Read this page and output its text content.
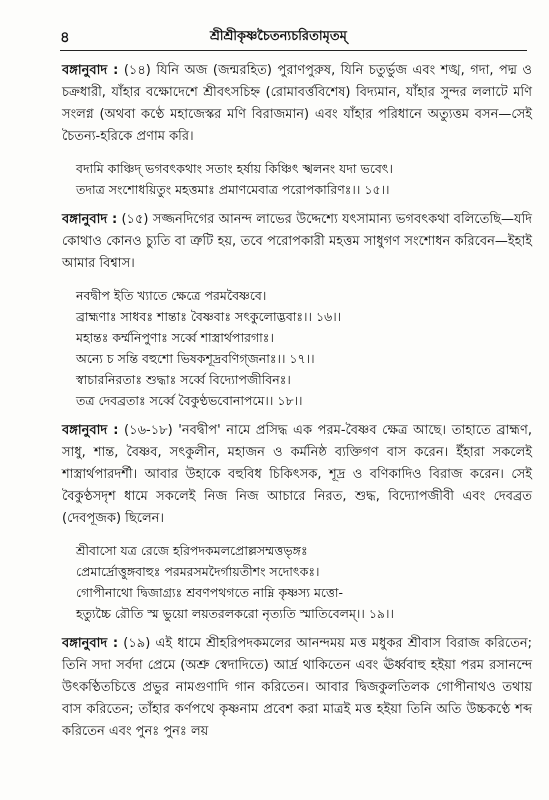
৪	শ্রীশ্রীকৃষ্ণচৈতন্যচরিতামৃতম্

বঙ্গানুবাদ : (১৪) যিনি অজ (জন্মরহিত) পুরাণপুরুষ, যিনি চতুর্ভুজ এবং শঙ্খ, গদা, পদ্ম ও চক্রধারী, যাঁহার বক্ষোদেশে শ্রীবৎসচিহ্ন (রোমাবর্ত্তবিশেষ) বিদ্যমান, যাঁহার সুন্দর ললাটে মণি সংলগ্ন (অথবা কণ্ঠে মহাজেস্কর মণি বিরাজমান) এবং যাঁহার পরিধানে অত্যুত্তম বসন—সেই চৈতন্য-হরিকে প্রণাম করি।

বদামি কাঞ্চিদ্ ভগবৎকথাং সতাং হর্ষায় কিঞ্চিৎ স্খলনং যদা ভবেৎ।
তদাত্র সংশোধয়িতুং মহত্তমাঃ প্রমাণমেবাত্র পরোপকারিণঃ।। ১৫।।

বঙ্গানুবাদ : (১৫) সজ্জনদিগের আনন্দ লাভের উদ্দেশ্যে যৎসামান্য ভগবৎকথা বলিতেছি—যদি কোথাও কোনও চ্যুতি বা ত্রুটি হয়, তবে পরোপকারী মহত্তম সাধুগণ সংশোধন করিবেন—ইহাই আমার বিশ্বাস।

নবদ্বীপ ইতি খ্যাতে ক্ষেত্রে পরমবৈষ্ণবে।
ব্রাহ্মণাঃ সাধবঃ শান্তাঃ বৈষ্ণবাঃ সৎকুলোদ্ভবাঃ।। ১৬।।
মহান্তঃ কর্ম্মনিপুণাঃ সর্ব্বে শাস্ত্রার্থপারগাঃ।
অন্যে চ সন্তি বহুশো ভিষকশূদ্রবণিগ্জনাঃ।। ১৭।।
স্বাচারনিরতাঃ শুদ্ধাঃ সর্ব্বে বিদ্যোপজীবিনঃ।
তত্র দেবব্রতাঃ সর্ব্বে বৈকুণ্ঠভবোনাপমে।। ১৮।।

বঙ্গানুবাদ : (১৬-১৮) 'নবদ্বীপ' নামে প্রসিদ্ধ এক পরম-বৈষ্ণব ক্ষেত্র আছে। তাহাতে ব্রাহ্মণ, সাধু, শান্ত, বৈষ্ণব, সৎকুলীন, মহাজন ও কর্মনিষ্ঠ ব্যক্তিগণ বাস করেন। ইঁহারা সকলেই শাস্ত্রার্থপারদর্শী। আবার উহাকে বহুবিধ চিকিৎসক, শূদ্র ও বণিকাদিও বিরাজ করেন। সেই বৈকুণ্ঠসদৃশ ধামে সকলেই নিজ নিজ আচারে নিরত, শুদ্ধ, বিদ্যোপজীবী এবং দেবব্রত (দেবপূজক) ছিলেন।

শ্রীবাসো যত্র রেজে হরিপদকমলপ্রোল্লসম্মত্তভৃঙ্গঃ
প্রেমার্দ্রোত্তুঙ্গবাহুঃ পরমরসমদৈর্গায়তীশং সদোৎকঃ।
গোপীনাথো দ্বিজাগ্র্যঃ শ্রবণপথগতে নাম্নি কৃষ্ণস্য মত্তো-
হত্যুচ্চৈ রৌতি স্ম ভুয়ো লয়তরলকরো নৃত্যতি স্মাতিবেলম্।। ১৯।।

বঙ্গানুবাদ : (১৯) এই ধামে শ্রীহরিপদকমলের আনন্দময় মত্ত মধুকর শ্রীবাস বিরাজ করিতেন; তিনি সদা সর্বদা প্রেমে (অশ্রু স্বেদাদিতে) আর্দ্র থাকিতেন এবং ঊর্ধ্ববাহু হইয়া পরম রসানন্দে উৎকণ্ঠিতচিত্তে প্রভুর নামগুণাদি গান করিতেন। আবার দ্বিজকুলতিলক গোপীনাথও তথায় বাস করিতেন; তাঁহার কর্ণপথে কৃষ্ণনাম প্রবেশ করা মাত্রই মত্ত হইয়া তিনি অতি উচ্চকণ্ঠে শব্দ করিতেন এবং পুনঃ পুনঃ লয়
